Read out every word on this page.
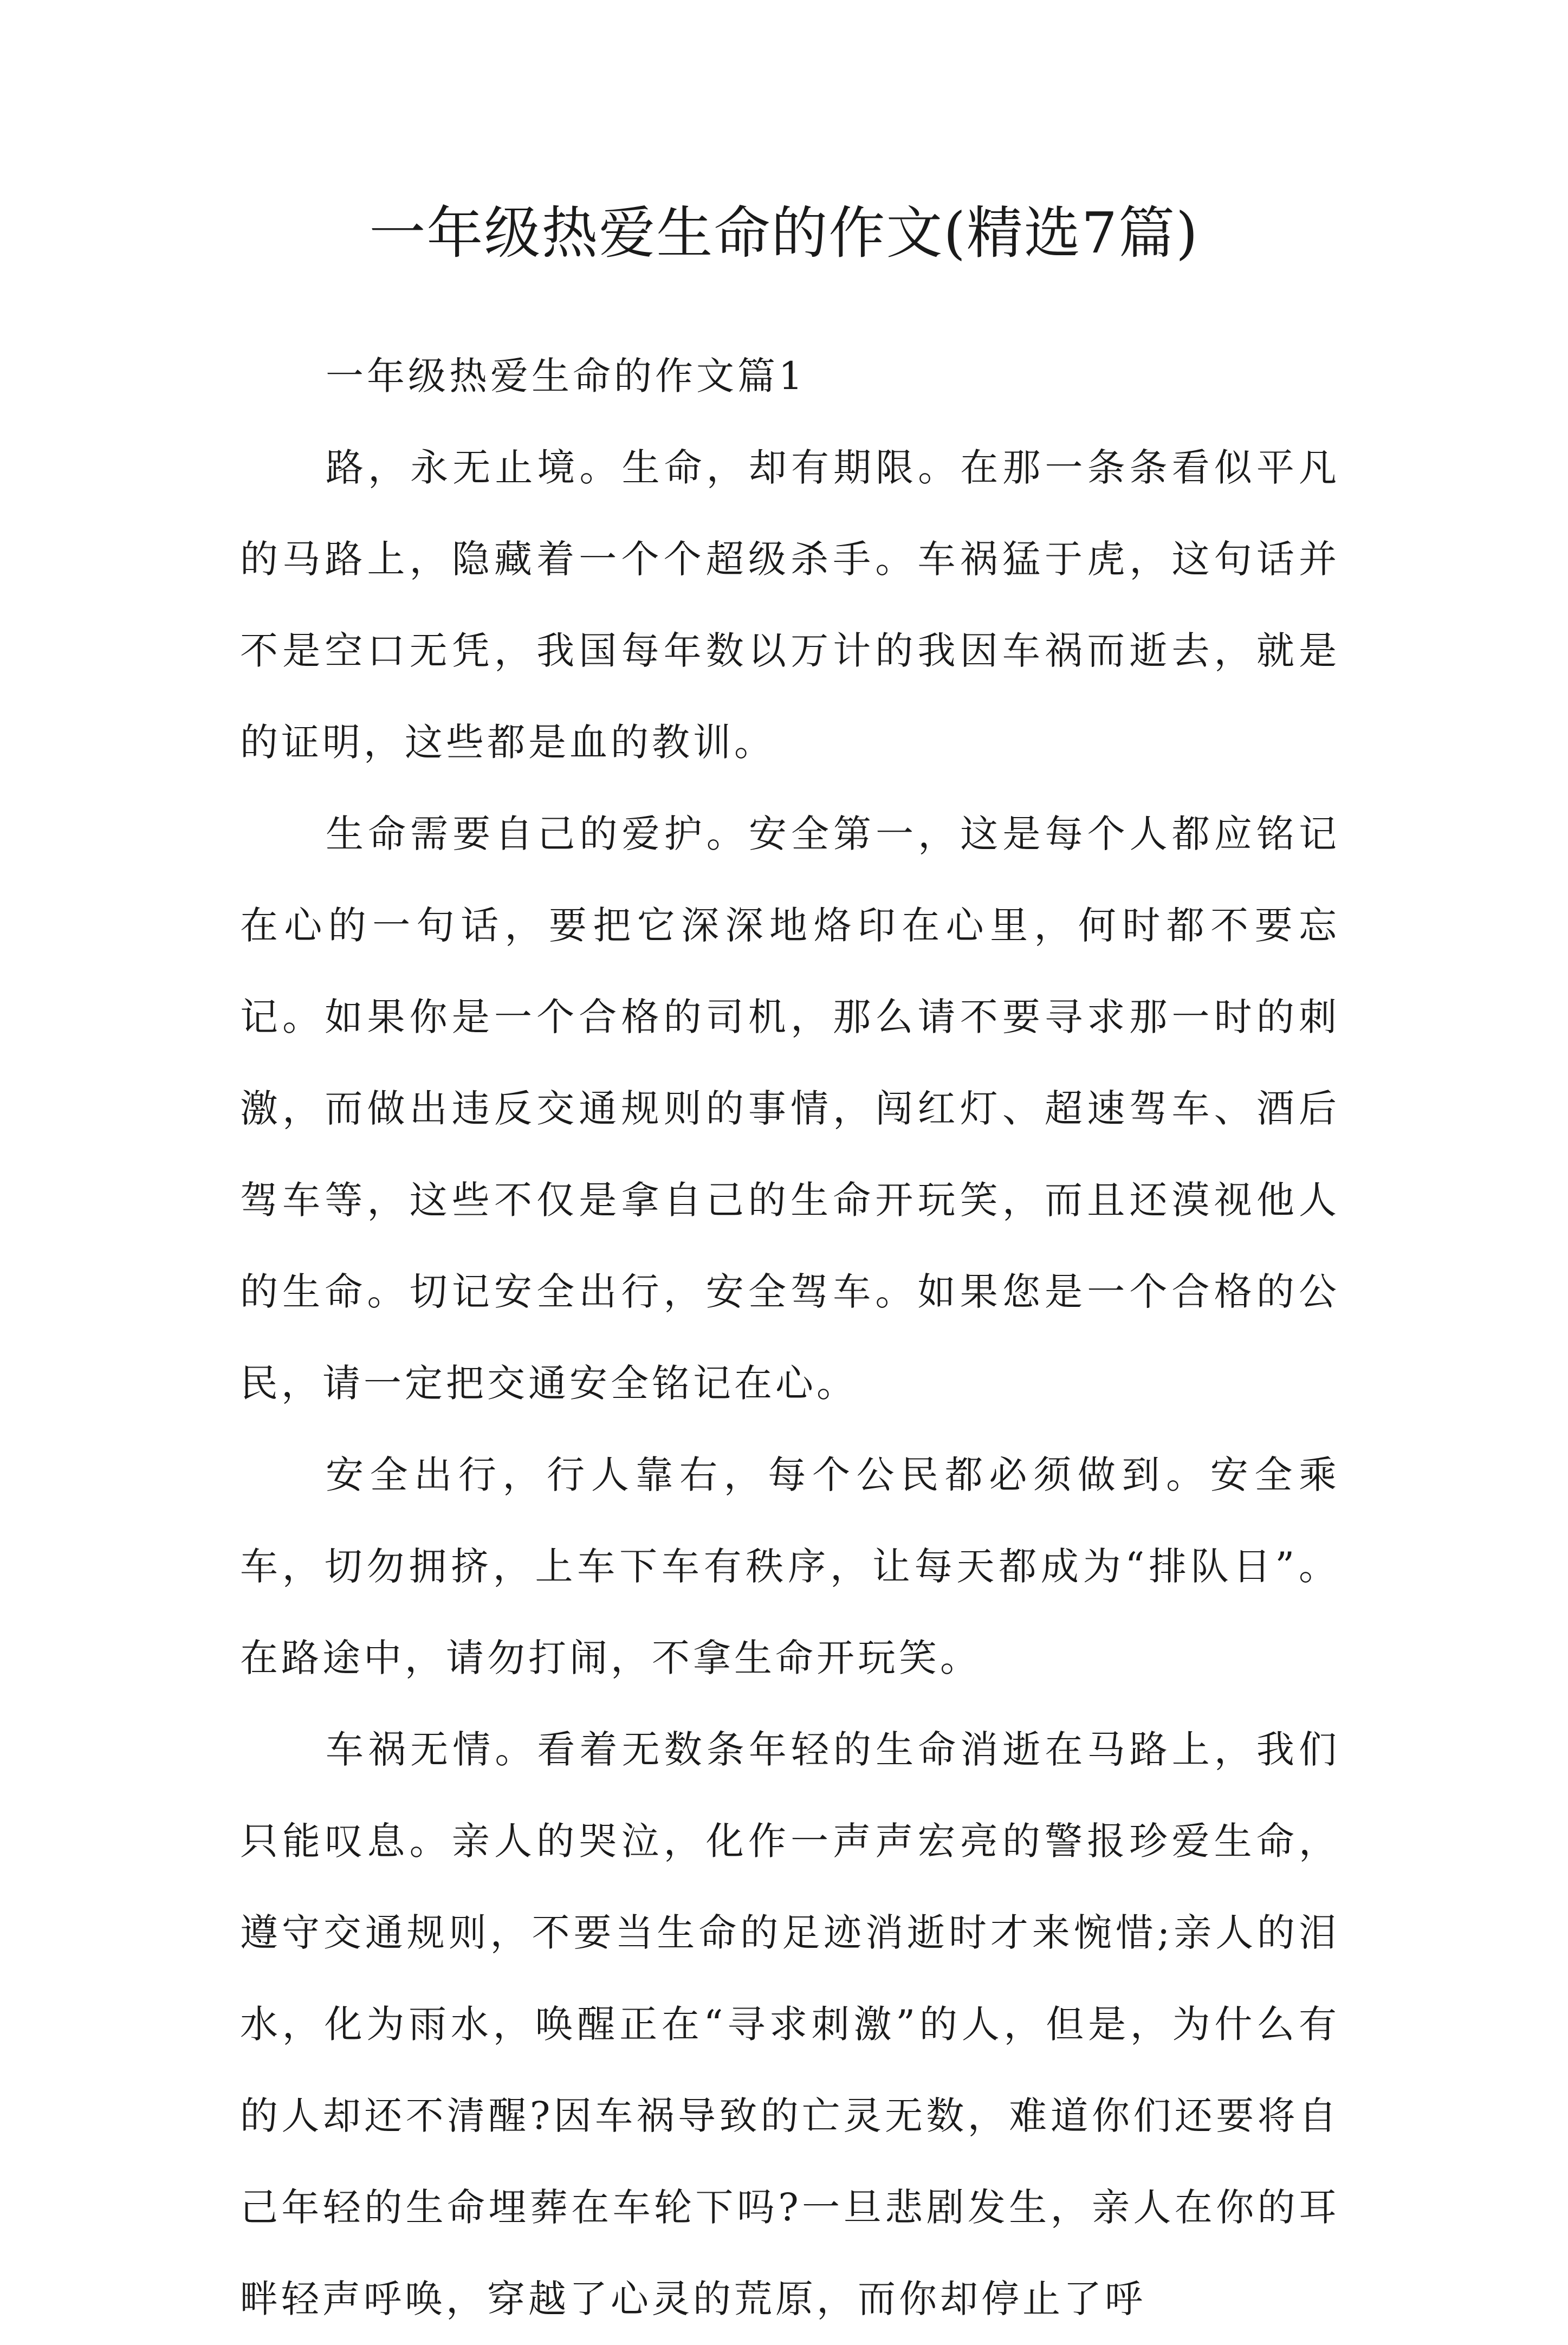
一年级热爱生命的作文(精选7篇)

一年级热爱生命的作文篇1

路，永无止境。生命，却有期限。在那一条条看似平凡的马路上，隐藏着一个个超级杀手。车祸猛于虎，这句话并不是空口无凭，我国每年数以万计的我因车祸而逝去，就是的证明，这些都是血的教训。

生命需要自己的爱护。安全第一，这是每个人都应铭记在心的一句话，要把它深深地烙印在心里，何时都不要忘记。如果你是一个合格的司机，那么请不要寻求那一时的刺激，而做出违反交通规则的事情，闯红灯、超速驾车、酒后驾车等，这些不仅是拿自己的生命开玩笑，而且还漠视他人的生命。切记安全出行，安全驾车。如果您是一个合格的公民，请一定把交通安全铭记在心。

安全出行，行人靠右，每个公民都必须做到。安全乘车，切勿拥挤，上车下车有秩序，让每天都成为“排队日”。在路途中，请勿打闹，不拿生命开玩笑。

车祸无情。看着无数条年轻的生命消逝在马路上，我们只能叹息。亲人的哭泣，化作一声声宏亮的警报珍爱生命，遵守交通规则，不要当生命的足迹消逝时才来惋惜;亲人的泪水，化为雨水，唤醒正在“寻求刺激”的人，但是，为什么有的人却还不清醒?因车祸导致的亡灵无数，难道你们还要将自己年轻的生命埋葬在车轮下吗?一旦悲剧发生，亲人在你的耳畔轻声呼唤，穿越了心灵的荒原，而你却停止了呼
